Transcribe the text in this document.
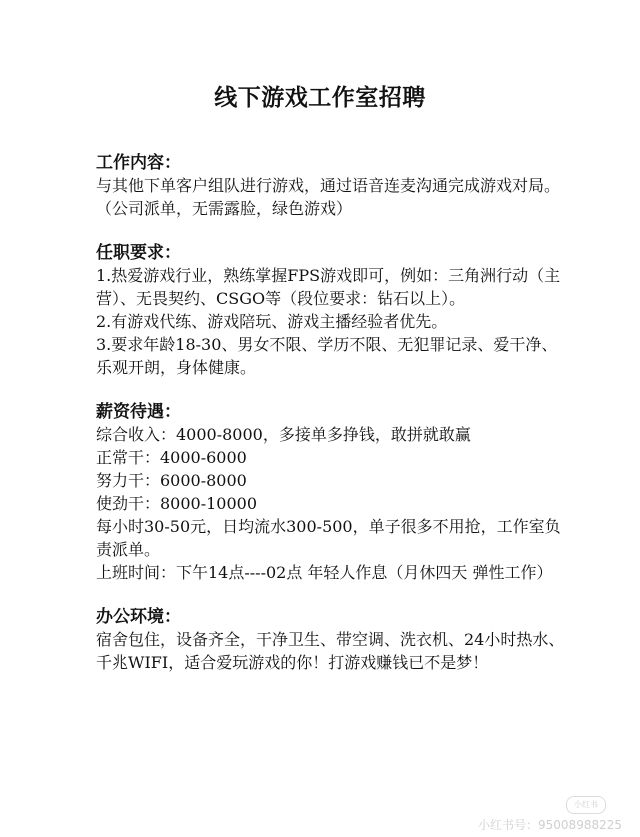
线下游戏工作室招聘

工作内容：

与其他下单客户组队进行游戏，通过语音连麦沟通完成游戏对局。（公司派单，无需露脸，绿色游戏）

任职要求：

1.热爱游戏行业，熟练掌握FPS游戏即可，例如：三角洲行动（主营）、无畏契约、CSGO等（段位要求：钻石以上）。

2.有游戏代练、游戏陪玩、游戏主播经验者优先。

3.要求年龄18-30、男女不限、学历不限、无犯罪记录、爱干净、乐观开朗，身体健康。

薪资待遇：

综合收入：4000-8000，多接单多挣钱，敢拼就敢赢

正常干：4000-6000

努力干：6000-8000

使劲干：8000-10000

每小时30-50元，日均流水300-500，单子很多不用抢，工作室负责派单。

上班时间：下午14点----02点 年轻人作息（月休四天 弹性工作）

办公环境：

宿舍包住，设备齐全，干净卫生、带空调、洗衣机、24小时热水、千兆WIFI，适合爱玩游戏的你！打游戏赚钱已不是梦！

小红书
小红书号：95008988225
